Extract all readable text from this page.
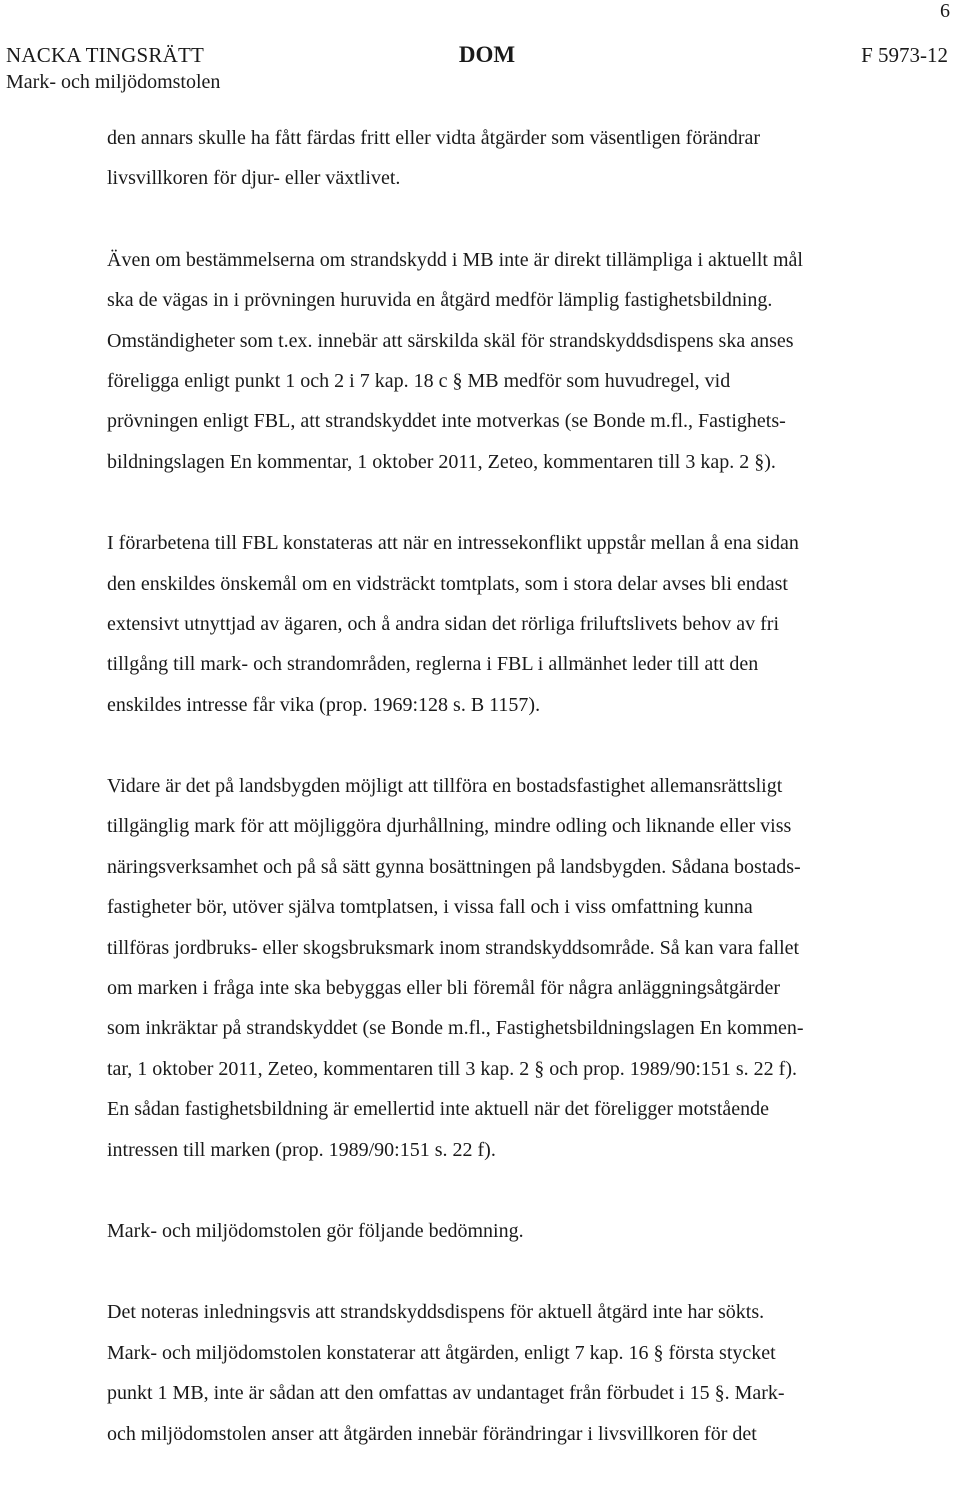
6
NACKA TINGSRÄTT
Mark- och miljödomstolen
DOM	F 5973-12

den annars skulle ha fått färdas fritt eller vidta åtgärder som väsentligen förändrar
livsvillkoren för djur- eller växtlivet.

Även om bestämmelserna om strandskydd i MB inte är direkt tillämpliga i aktuellt mål
ska de vägas in i prövningen huruvida en åtgärd medför lämplig fastighetsbildning.
Omständigheter som t.ex. innebär att särskilda skäl för strandskyddsdispens ska anses
föreligga enligt punkt 1 och 2 i 7 kap. 18 c § MB medför som huvudregel, vid
prövningen enligt FBL, att strandskyddet inte motverkas (se Bonde m.fl., Fastighets-
bildningslagen En kommentar, 1 oktober 2011, Zeteo, kommentaren till 3 kap. 2 §).

I förarbetena till FBL konstateras att när en intressekonflikt uppstår mellan å ena sidan
den enskildes önskemål om en vidsträckt tomtplats, som i stora delar avses bli endast
extensivt utnyttjad av ägaren, och å andra sidan det rörliga friluftslivets behov av fri
tillgång till mark- och strandområden, reglerna i FBL i allmänhet leder till att den
enskildes intresse får vika (prop. 1969:128 s. B 1157).

Vidare är det på landsbygden möjligt att tillföra en bostadsfastighet allemansrättsligt
tillgänglig mark för att möjliggöra djurhållning, mindre odling och liknande eller viss
näringsverksamhet och på så sätt gynna bosättningen på landsbygden. Sådana bostads-
fastigheter bör, utöver själva tomtplatsen, i vissa fall och i viss omfattning kunna
tillföras jordbruks- eller skogsbruksmark inom strandskyddsområde. Så kan vara fallet
om marken i fråga inte ska bebyggas eller bli föremål för några anläggningsåtgärder
som inkräktar på strandskyddet (se Bonde m.fl., Fastighetsbildningslagen En kommen-
tar, 1 oktober 2011, Zeteo, kommentaren till 3 kap. 2 § och prop. 1989/90:151 s. 22 f).
En sådan fastighetsbildning är emellertid inte aktuell när det föreligger motstående
intressen till marken (prop. 1989/90:151 s. 22 f).

Mark- och miljödomstolen gör följande bedömning.

Det noteras inledningsvis att strandskyddsdispens för aktuell åtgärd inte har sökts.
Mark- och miljödomstolen konstaterar att åtgärden, enligt 7 kap. 16 § första stycket
punkt 1 MB, inte är sådan att den omfattas av undantaget från förbudet i 15 §. Mark-
och miljödomstolen anser att åtgärden innebär förändringar i livsvillkoren för det
